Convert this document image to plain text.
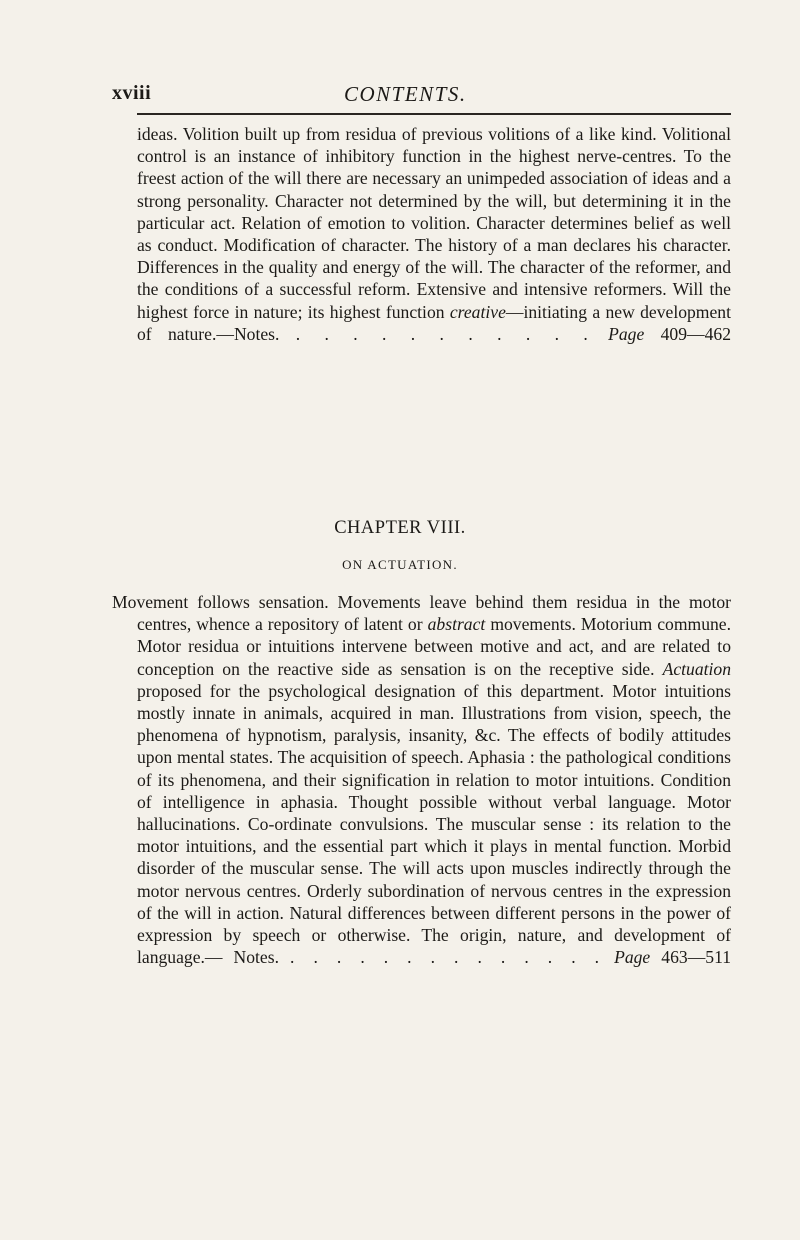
xviii	CONTENTS.

ideas. Volition built up from residua of previous volitions of a like kind. Volitional control is an instance of inhibitory function in the highest nerve-centres. To the freest action of the will there are necessary an unimpeded association of ideas and a strong personality. Character not determined by the will, but determining it in the particular act. Relation of emotion to volition. Character determines belief as well as conduct. Modification of character. The history of a man declares his character. Differences in the quality and energy of the will. The character of the reformer, and the conditions of a successful reform. Extensive and intensive reformers. Will the highest force in nature; its highest function creative—initiating a new development of nature.—Notes. . . . . . . . . . . . Page 409—462

CHAPTER VIII.
ON ACTUATION.

Movement follows sensation. Movements leave behind them residua in the motor centres, whence a repository of latent or abstract movements. Motorium commune. Motor residua or intuitions intervene between motive and act, and are related to conception on the reactive side as sensation is on the receptive side. Actuation proposed for the psychological designation of this department. Motor intuitions mostly innate in animals, acquired in man. Illustrations from vision, speech, the phenomena of hypnotism, paralysis, insanity, &c. The effects of bodily attitudes upon mental states. The acquisition of speech. Aphasia : the pathological conditions of its phenomena, and their signification in relation to motor intuitions. Condition of intelligence in aphasia. Thought possible without verbal language. Motor hallucinations. Co-ordinate convulsions. The muscular sense : its relation to the motor intuitions, and the essential part which it plays in mental function. Morbid disorder of the muscular sense. The will acts upon muscles indirectly through the motor nervous centres. Orderly subordination of nervous centres in the expression of the will in action. Natural differences between different persons in the power of expression by speech or otherwise. The origin, nature, and development of language.— Notes. . . . . . . . . . . . . . . Page 463—511
